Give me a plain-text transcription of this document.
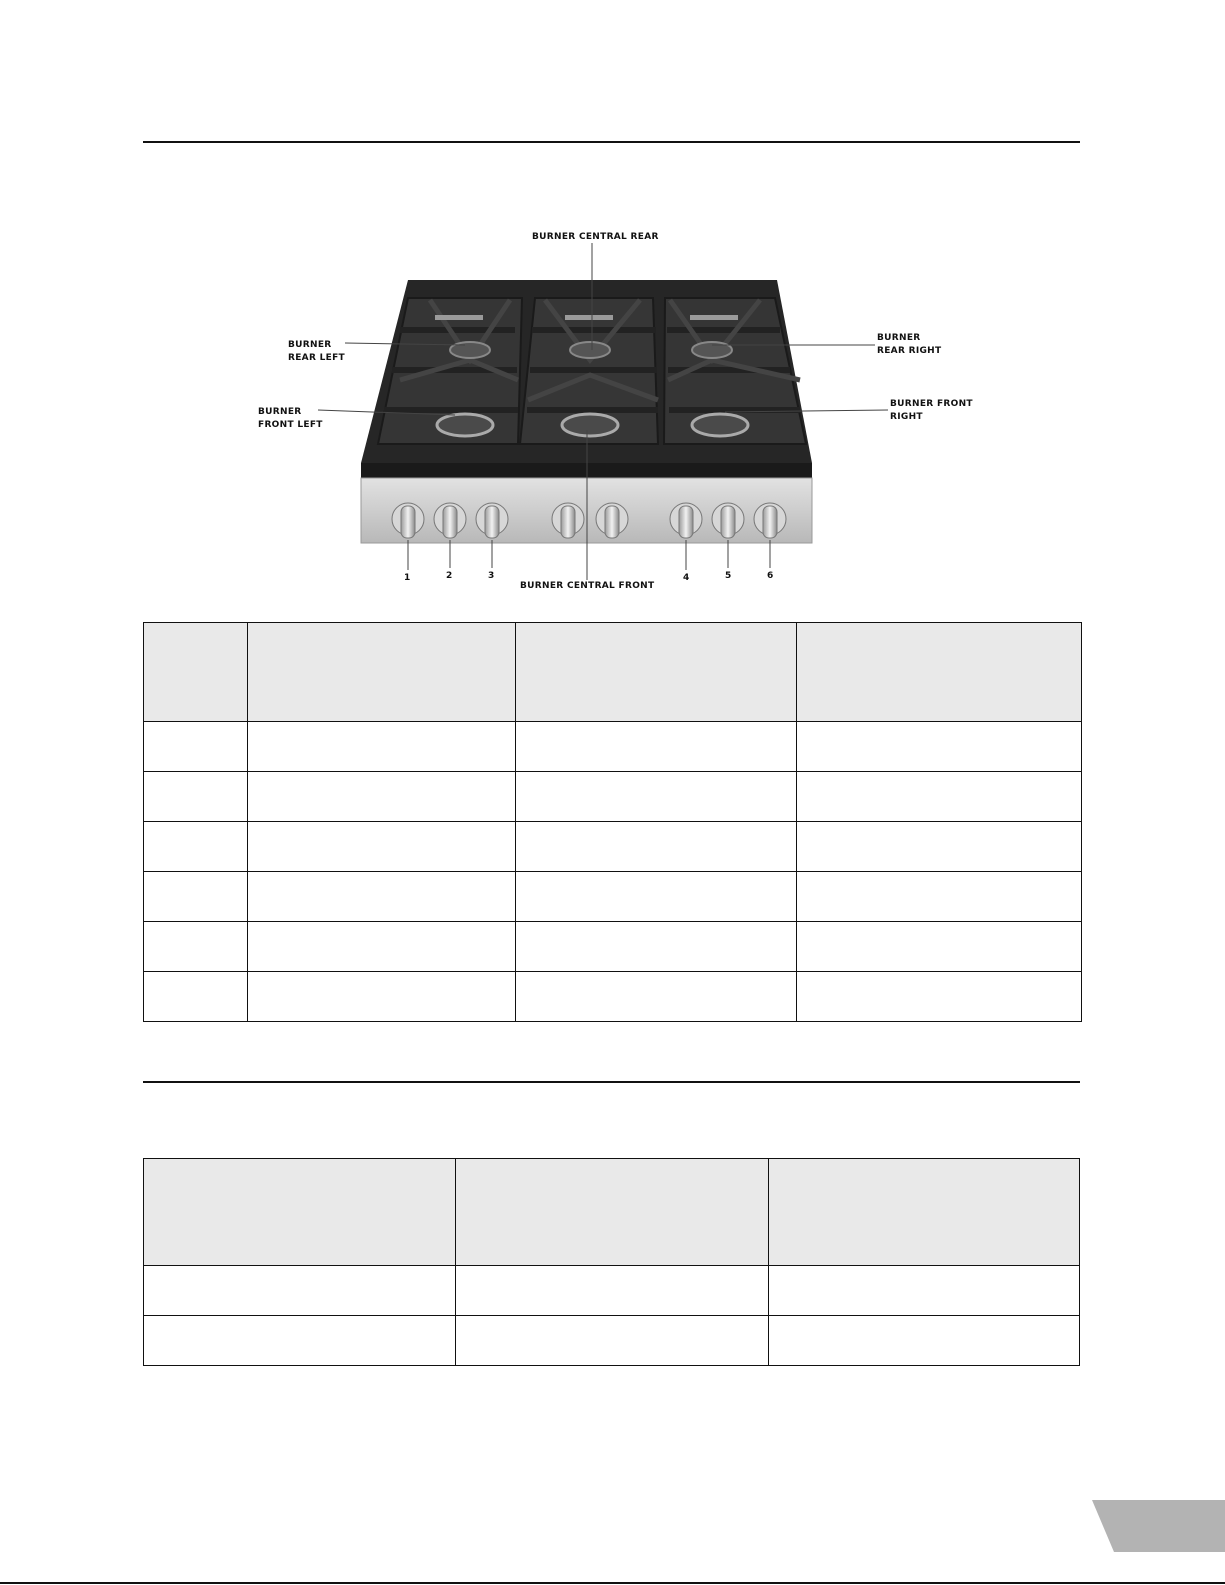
BURNER CENTRAL REAR
BURNER
REAR LEFT
BURNER
FRONT LEFT
BURNER
REAR RIGHT
BURNER FRONT
RIGHT
BURNER CENTRAL FRONT
1	2	3	4	5	6
